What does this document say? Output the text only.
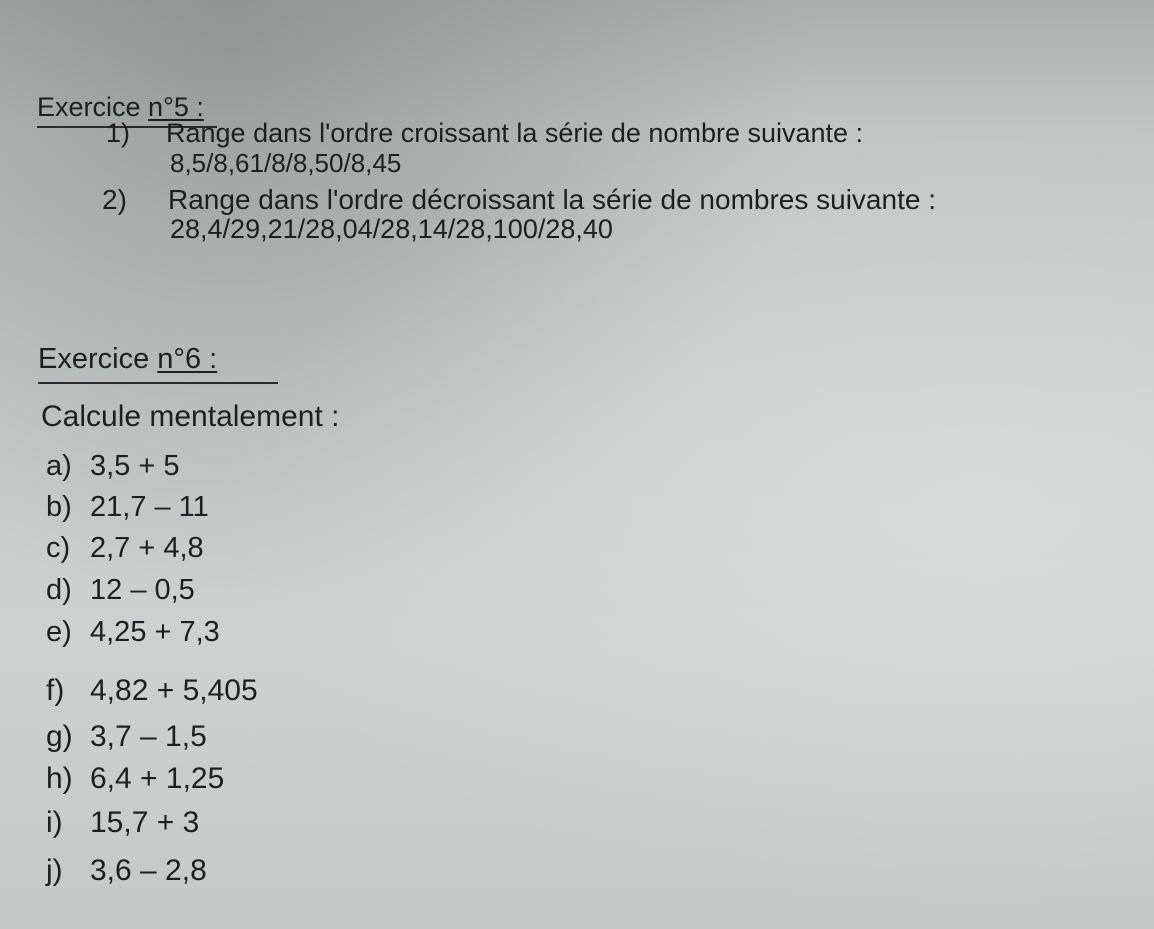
Exercice n°5 :
1) Range dans l'ordre croissant la série de nombre suivante :
8,5/8,61/8/8,50/8,45
2) Range dans l'ordre décroissant la série de nombres suivante :
28,4/29,21/28,04/28,14/28,100/28,40
Exercice n°6 :
Calcule mentalement :
a) 3,5 + 5
b) 21,7 – 11
c) 2,7 + 4,8
d) 12 – 0,5
e) 4,25 + 7,3
f) 4,82 + 5,405
g) 3,7 – 1,5
h) 6,4 + 1,25
i) 15,7 + 3
j) 3,6 – 2,8
